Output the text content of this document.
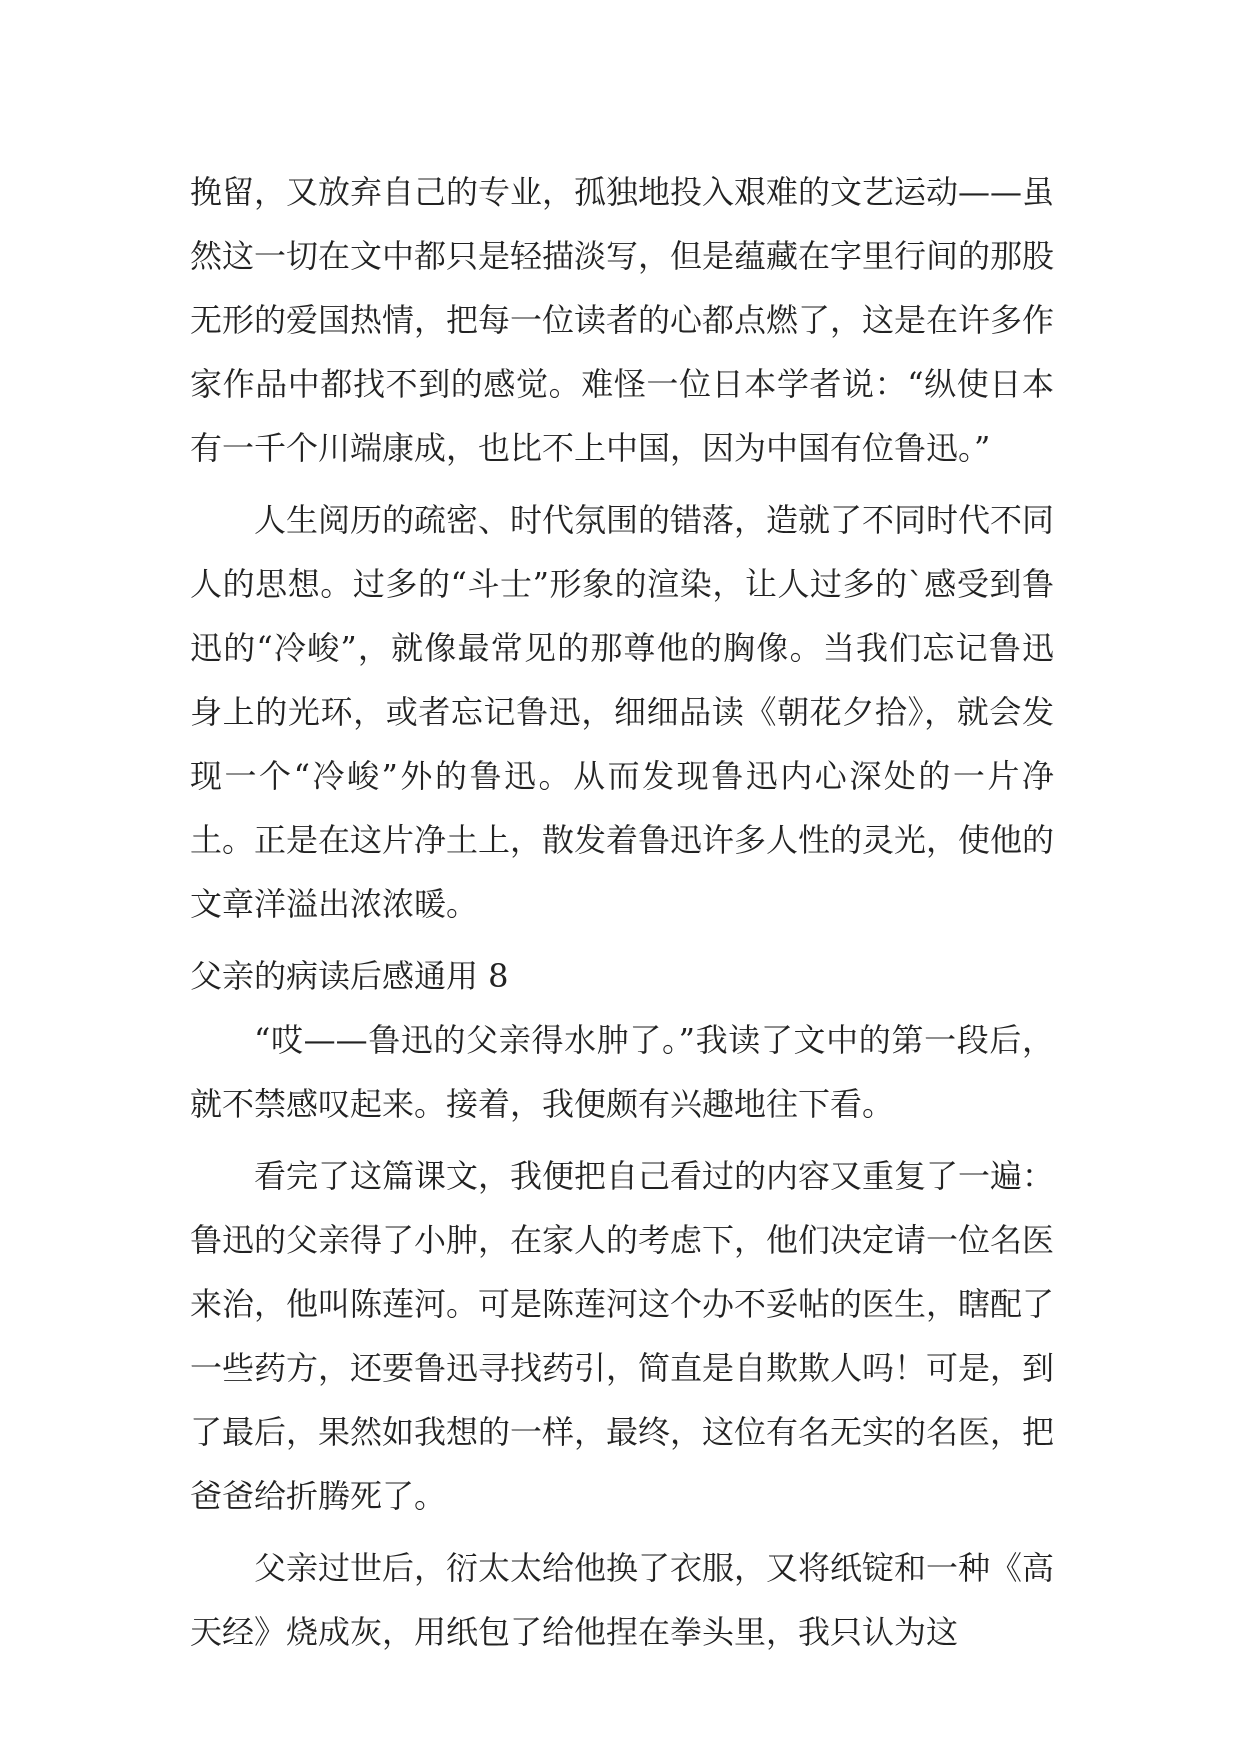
挽留，又放弃自己的专业，孤独地投入艰难的文艺运动——虽然这一切在文中都只是轻描淡写，但是蕴藏在字里行间的那股无形的爱国热情，把每一位读者的心都点燃了，这是在许多作家作品中都找不到的感觉。难怪一位日本学者说：“纵使日本有一千个川端康成，也比不上中国，因为中国有位鲁迅。”

人生阅历的疏密、时代氛围的错落，造就了不同时代不同人的思想。过多的“斗士”形象的渲染，让人过多的`感受到鲁迅的“冷峻”，就像最常见的那尊他的胸像。当我们忘记鲁迅身上的光环，或者忘记鲁迅，细细品读《朝花夕拾》，就会发现一个“冷峻”外的鲁迅。从而发现鲁迅内心深处的一片净土。正是在这片净土上，散发着鲁迅许多人性的灵光，使他的文章洋溢出浓浓暖。

父亲的病读后感通用 8

“哎——鲁迅的父亲得水肿了。”我读了文中的第一段后，就不禁感叹起来。接着，我便颇有兴趣地往下看。

看完了这篇课文，我便把自己看过的内容又重复了一遍：鲁迅的父亲得了小肿，在家人的考虑下，他们决定请一位名医来治，他叫陈莲河。可是陈莲河这个办不妥帖的医生，瞎配了一些药方，还要鲁迅寻找药引，简直是自欺欺人吗！可是，到了最后，果然如我想的一样，最终，这位有名无实的名医，把爸爸给折腾死了。

父亲过世后，衍太太给他换了衣服，又将纸锭和一种《高天经》烧成灰，用纸包了给他捏在拳头里，我只认为这
